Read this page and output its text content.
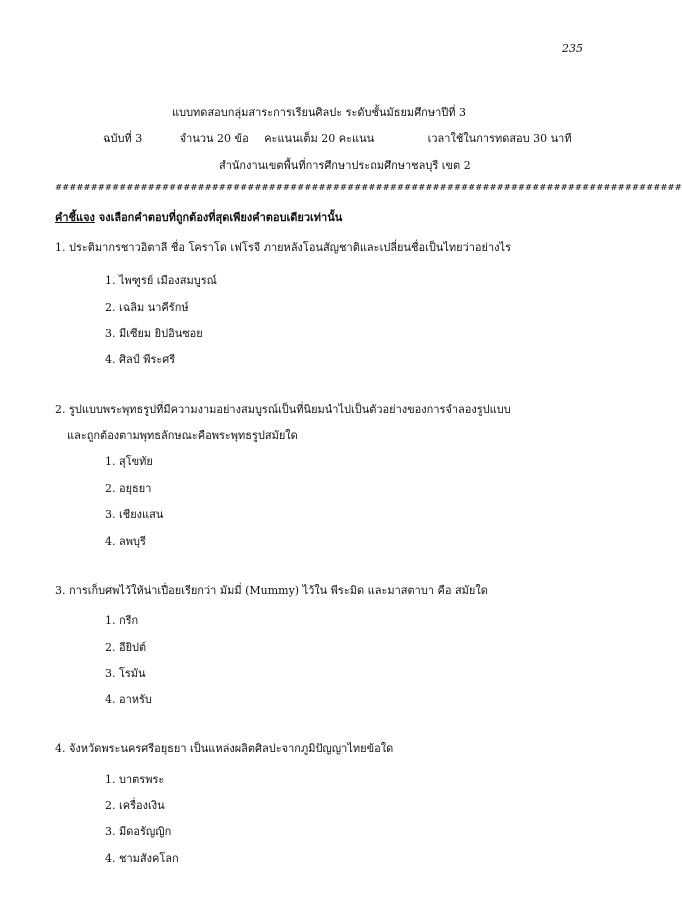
235
แบบทดสอบกลุ่มสาระการเรียนศิลปะ ระดับชั้นมัธยมศึกษาปีที่ 3
ฉบับที่ 3	จำนวน 20 ข้อ คะแนนเต็ม 20 คะแนน	เวลาใช้ในการทดสอบ 30 นาที
สำนักงานเขตพื้นที่การศึกษาประถมศึกษาชลบุรี เขต 2
########################################################################################
คำชี้แจง จงเลือกคำตอบที่ถูกต้องที่สุดเพียงคำตอบเดียวเท่านั้น
1. ประติมากรชาวอิตาลี ชื่อ โคราโด เฟโรจี ภายหลังโอนสัญชาติและเปลี่ยนชื่อเป็นไทยว่าอย่างไร
1. ไพฑูรย์ เมืองสมบูรณ์
2. เฉลิม นาคีรักษ์
3. มีเซียม ยิปอินซอย
4. ศิลป์ พีระศรี
2. รูปแบบพระพุทธรูปที่มีความงามอย่างสมบูรณ์เป็นที่นิยมนำไปเป็นตัวอย่างของการจำลองรูปแบบ
และถูกต้องตามพุทธลักษณะคือพระพุทธรูปสมัยใด
1. สุโขทัย
2. อยุธยา
3. เชียงแสน
4. ลพบุรี
3. การเก็บศพไว้ให้น่าเปื่อยเรียกว่า มัมมี่ (Mummy) ไว้ใน พีระมิด และมาสตาบา คือ สมัยใด
1. กรีก
2. อียิปต์
3. โรมัน
4. อาหรับ
4. จังหวัดพระนครศรีอยุธยา เป็นแหล่งผลิตศิลปะจากภูมิปัญญาไทยข้อใด
1. บาตรพระ
2. เครื่องเงิน
3. มีดอรัญญิก
4. ชามสังคโลก
